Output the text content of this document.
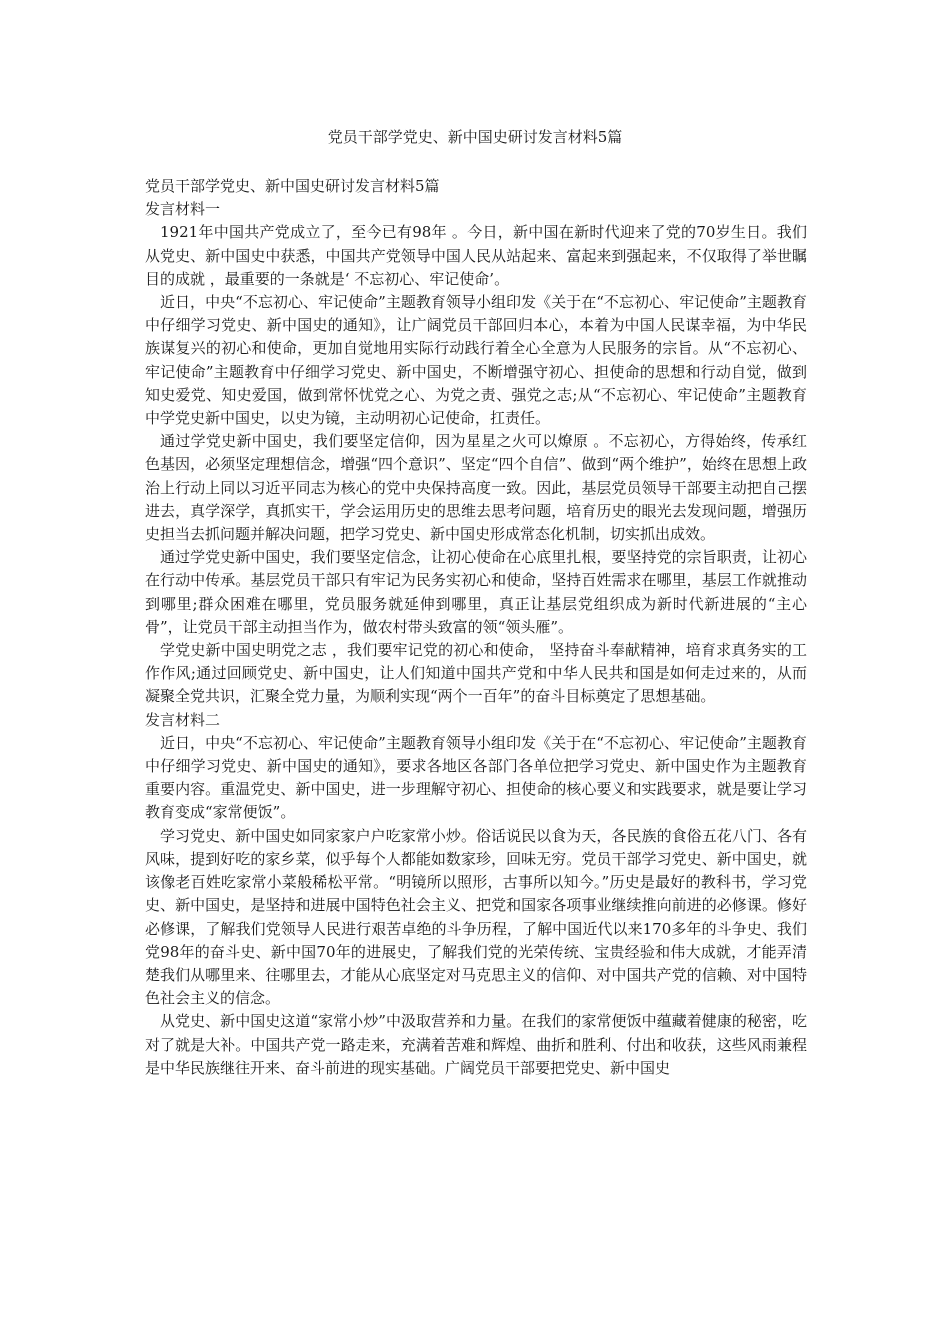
党员干部学党史、新中国史研讨发言材料5篇

党员干部学党史、新中国史研讨发言材料5篇

发言材料一

1921年中国共产党成立了，至今已有98年 。今日，新中国在新时代迎来了党的70岁生日。我们从党史、新中国史中获悉，中国共产党领导中国人民从站起来、富起来到强起来，不仅取得了举世瞩目的成就 ，最重要的一条就是‘ 不忘初心、牢记使命’。

近日，中央“不忘初心、牢记使命”主题教育领导小组印发《关于在“不忘初心、牢记使命”主题教育中仔细学习党史、新中国史的通知》，让广阔党员干部回归本心，本着为中国人民谋幸福，为中华民族谋复兴的初心和使命，更加自觉地用实际行动践行着全心全意为人民服务的宗旨。从“不忘初心、牢记使命”主题教育中仔细学习党史、新中国史，不断增强守初心、担使命的思想和行动自觉，做到知史爱党、知史爱国，做到常怀忧党之心、为党之责、强党之志;从“不忘初心、牢记使命”主题教育中学党史新中国史，以史为镜，主动明初心记使命，扛责任。

通过学党史新中国史，我们要坚定信仰，因为星星之火可以燎原 。不忘初心，方得始终，传承红色基因，必须坚定理想信念，增强“四个意识”、坚定“四个自信”、做到“两个维护”，始终在思想上政治上行动上同以习近平同志为核心的党中央保持高度一致。因此，基层党员领导干部要主动把自己摆进去，真学深学，真抓实干，学会运用历史的思维去思考问题，培育历史的眼光去发现问题，增强历史担当去抓问题并解决问题，把学习党史、新中国史形成常态化机制，切实抓出成效。

通过学党史新中国史，我们要坚定信念，让初心使命在心底里扎根，要坚持党的宗旨职责，让初心在行动中传承。基层党员干部只有牢记为民务实初心和使命，坚持百姓需求在哪里，基层工作就推动到哪里;群众困难在哪里，党员服务就延伸到哪里，真正让基层党组织成为新时代新进展的“主心骨”，让党员干部主动担当作为，做农村带头致富的领“领头雁”。

学党史新中国史明党之志 ，我们要牢记党的初心和使命， 坚持奋斗奉献精神，培育求真务实的工作作风;通过回顾党史、新中国史，让人们知道中国共产党和中华人民共和国是如何走过来的，从而凝聚全党共识，汇聚全党力量，为顺利实现“两个一百年”的奋斗目标奠定了思想基础。

发言材料二

近日，中央“不忘初心、牢记使命”主题教育领导小组印发《关于在“不忘初心、牢记使命”主题教育中仔细学习党史、新中国史的通知》，要求各地区各部门各单位把学习党史、新中国史作为主题教育重要内容。重温党史、新中国史，进一步理解守初心、担使命的核心要义和实践要求，就是要让学习教育变成“家常便饭”。

学习党史、新中国史如同家家户户吃家常小炒。俗话说民以食为天，各民族的食俗五花八门、各有风味，提到好吃的家乡菜，似乎每个人都能如数家珍，回味无穷。党员干部学习党史、新中国史，就该像老百姓吃家常小菜般稀松平常。“明镜所以照形，古事所以知今。”历史是最好的教科书，学习党史、新中国史，是坚持和进展中国特色社会主义、把党和国家各项事业继续推向前进的必修课。修好必修课，了解我们党领导人民进行艰苦卓绝的斗争历程，了解中国近代以来170多年的斗争史、我们党98年的奋斗史、新中国70年的进展史，了解我们党的光荣传统、宝贵经验和伟大成就，才能弄清楚我们从哪里来、往哪里去，才能从心底坚定对马克思主义的信仰、对中国共产党的信赖、对中国特色社会主义的信念。

从党史、新中国史这道“家常小炒”中汲取营养和力量。在我们的家常便饭中蕴藏着健康的秘密，吃对了就是大补。中国共产党一路走来，充满着苦难和辉煌、曲折和胜利、付出和收获，这些风雨兼程是中华民族继往开来、奋斗前进的现实基础。广阔党员干部要把党史、新中国史
